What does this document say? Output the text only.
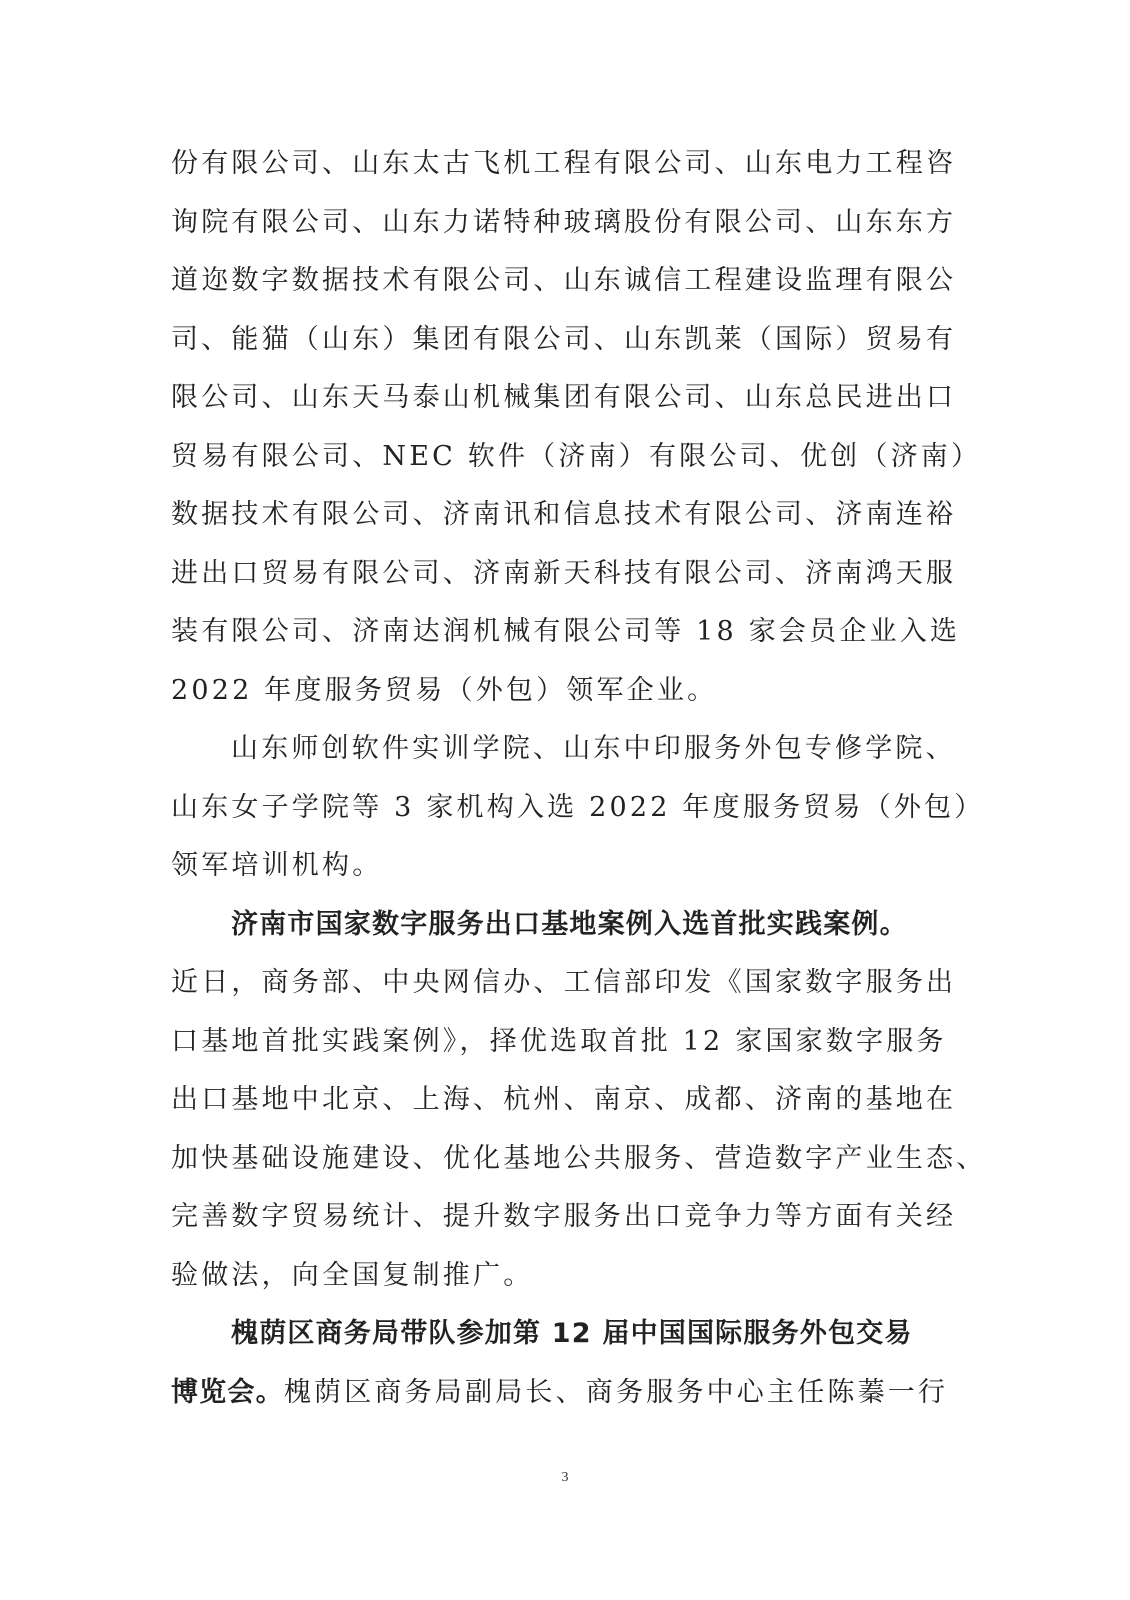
份有限公司、山东太古飞机工程有限公司、山东电力工程咨
询院有限公司、山东力诺特种玻璃股份有限公司、山东东方
道迩数字数据技术有限公司、山东诚信工程建设监理有限公
司、能猫（山东）集团有限公司、山东凯莱（国际）贸易有
限公司、山东天马泰山机械集团有限公司、山东总民进出口
贸易有限公司、NEC 软件（济南）有限公司、优创（济南）
数据技术有限公司、济南讯和信息技术有限公司、济南连裕
进出口贸易有限公司、济南新天科技有限公司、济南鸿天服
装有限公司、济南达润机械有限公司等 18 家会员企业入选
2022 年度服务贸易（外包）领军企业。
山东师创软件实训学院、山东中印服务外包专修学院、
山东女子学院等 3 家机构入选 2022 年度服务贸易（外包）
领军培训机构。
济南市国家数字服务出口基地案例入选首批实践案例。
近日，商务部、中央网信办、工信部印发《国家数字服务出
口基地首批实践案例》，择优选取首批 12 家国家数字服务
出口基地中北京、上海、杭州、南京、成都、济南的基地在
加快基础设施建设、优化基地公共服务、营造数字产业生态、
完善数字贸易统计、提升数字服务出口竞争力等方面有关经
验做法，向全国复制推广。
槐荫区商务局带队参加第 12 届中国国际服务外包交易
博览会。槐荫区商务局副局长、商务服务中心主任陈蓁一行
3
